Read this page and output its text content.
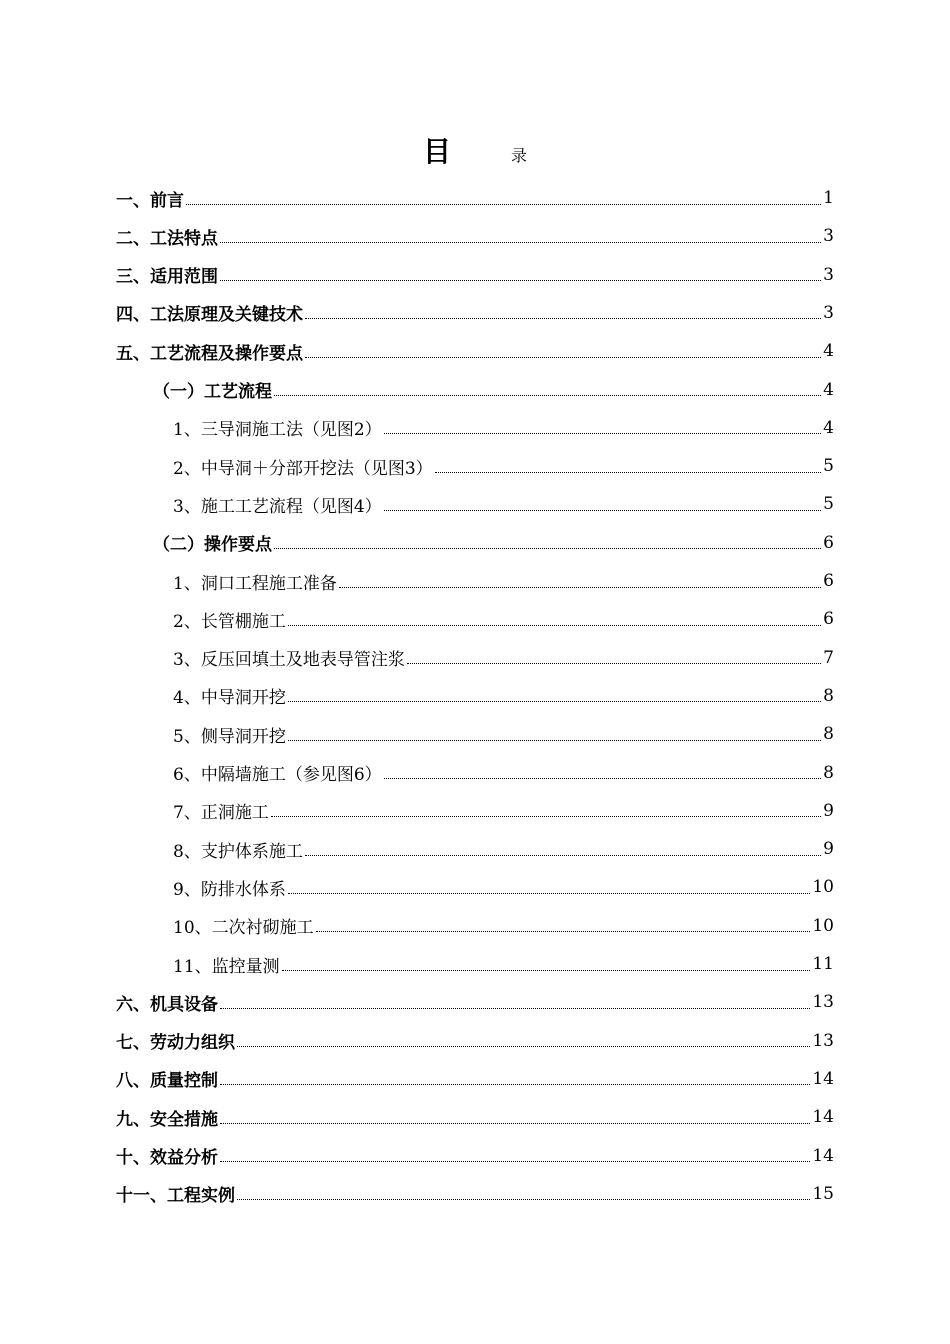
目	录
一、前言	1
二、工法特点	3
三、适用范围	3
四、工法原理及关键技术	3
五、工艺流程及操作要点	4
（一）工艺流程	4
1、三导洞施工法（见图2）	4
2、中导洞＋分部开挖法（见图3）	5
3、施工工艺流程（见图4）	5
（二）操作要点	6
1、洞口工程施工准备	6
2、长管棚施工	6
3、反压回填土及地表导管注浆	7
4、中导洞开挖	8
5、侧导洞开挖	8
6、中隔墙施工（参见图6）	8
7、正洞施工	9
8、支护体系施工	9
9、防排水体系	10
10、二次衬砌施工	10
11、监控量测	11
六、机具设备	13
七、劳动力组织	13
八、质量控制	14
九、安全措施	14
十、效益分析	14
十一、工程实例	15
